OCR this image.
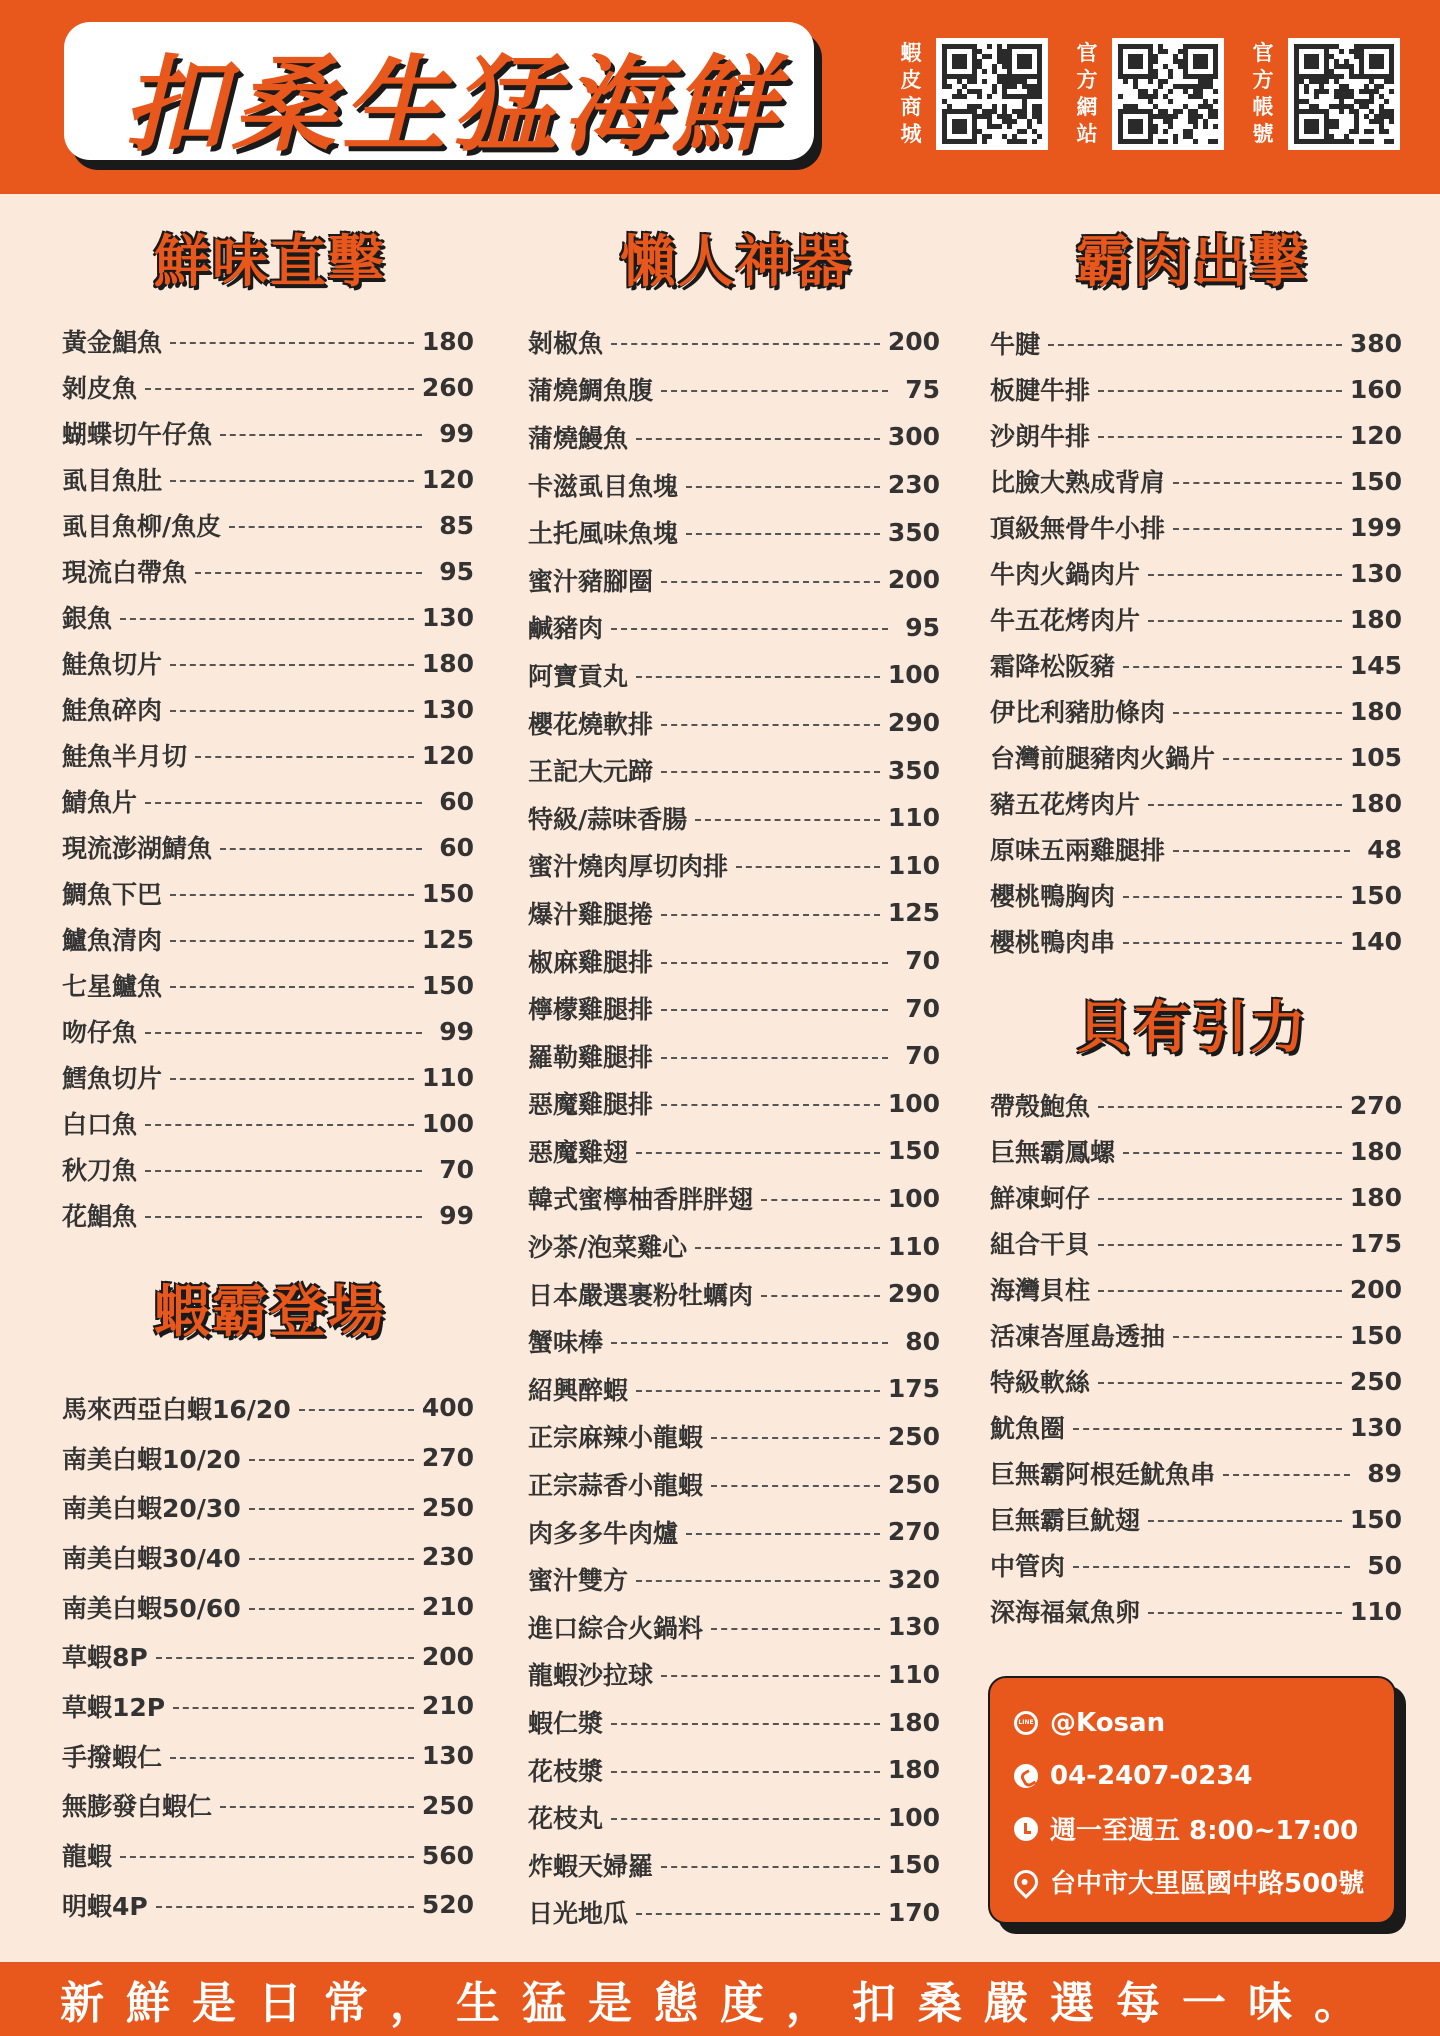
扣桑生猛海鮮	蝦皮商城
官方網站
官方帳號
鮮味直擊
黃金鯧魚	180
剝皮魚	260
蝴蝶切午仔魚	99
虱目魚肚	120
虱目魚柳/魚皮	85
現流白帶魚	95
銀魚	130
鮭魚切片	180
鮭魚碎肉	130
鮭魚半月切	120
鯖魚片	60
現流澎湖鯖魚	60
鯛魚下巴	150
鱸魚清肉	125
七星鱸魚	150
吻仔魚	99
鱈魚切片	110
白口魚	100
秋刀魚	70
花鯧魚	99
蝦霸登場
馬來西亞白蝦16/20	400
南美白蝦10/20	270
南美白蝦20/30	250
南美白蝦30/40	230
南美白蝦50/60	210
草蝦8P	200
草蝦12P	210
手撥蝦仁	130
無膨發白蝦仁	250
龍蝦	560
明蝦4P	520
懶人神器
剝椒魚	200
蒲燒鯛魚腹	75
蒲燒鰻魚	300
卡滋虱目魚塊	230
土托風味魚塊	350
蜜汁豬腳圈	200
鹹豬肉	95
阿寶貢丸	100
櫻花燒軟排	290
王記大元蹄	350
特級/蒜味香腸	110
蜜汁燒肉厚切肉排	110
爆汁雞腿捲	125
椒麻雞腿排	70
檸檬雞腿排	70
羅勒雞腿排	70
惡魔雞腿排	100
惡魔雞翅	150
韓式蜜檸柚香胖胖翅	100
沙茶/泡菜雞心	110
日本嚴選裹粉牡蠣肉	290
蟹味棒	80
紹興醉蝦	175
正宗麻辣小龍蝦	250
正宗蒜香小龍蝦	250
肉多多牛肉爐	270
蜜汁雙方	320
進口綜合火鍋料	130
龍蝦沙拉球	110
蝦仁漿	180
花枝漿	180
花枝丸	100
炸蝦天婦羅	150
日光地瓜	170
霸肉出擊
牛腱	380
板腱牛排	160
沙朗牛排	120
比臉大熟成背肩	150
頂級無骨牛小排	199
牛肉火鍋肉片	130
牛五花烤肉片	180
霜降松阪豬	145
伊比利豬肋條肉	180
台灣前腿豬肉火鍋片	105
豬五花烤肉片	180
原味五兩雞腿排	48
櫻桃鴨胸肉	150
櫻桃鴨肉串	140
貝有引力
帶殼鮑魚	270
巨無霸鳳螺	180
鮮凍蚵仔	180
組合干貝	175
海灣貝柱	200
活凍峇厘島透抽	150
特級軟絲	250
魷魚圈	130
巨無霸阿根廷魷魚串	89
巨無霸巨魷翅	150
中管肉	50
深海福氣魚卵	110
LINE
@Kosan
04-2407-0234
週一至週五 8:00~17:00
台中市大里區國中路500號
新鮮是日常，生猛是態度，扣桑嚴選每一味。
